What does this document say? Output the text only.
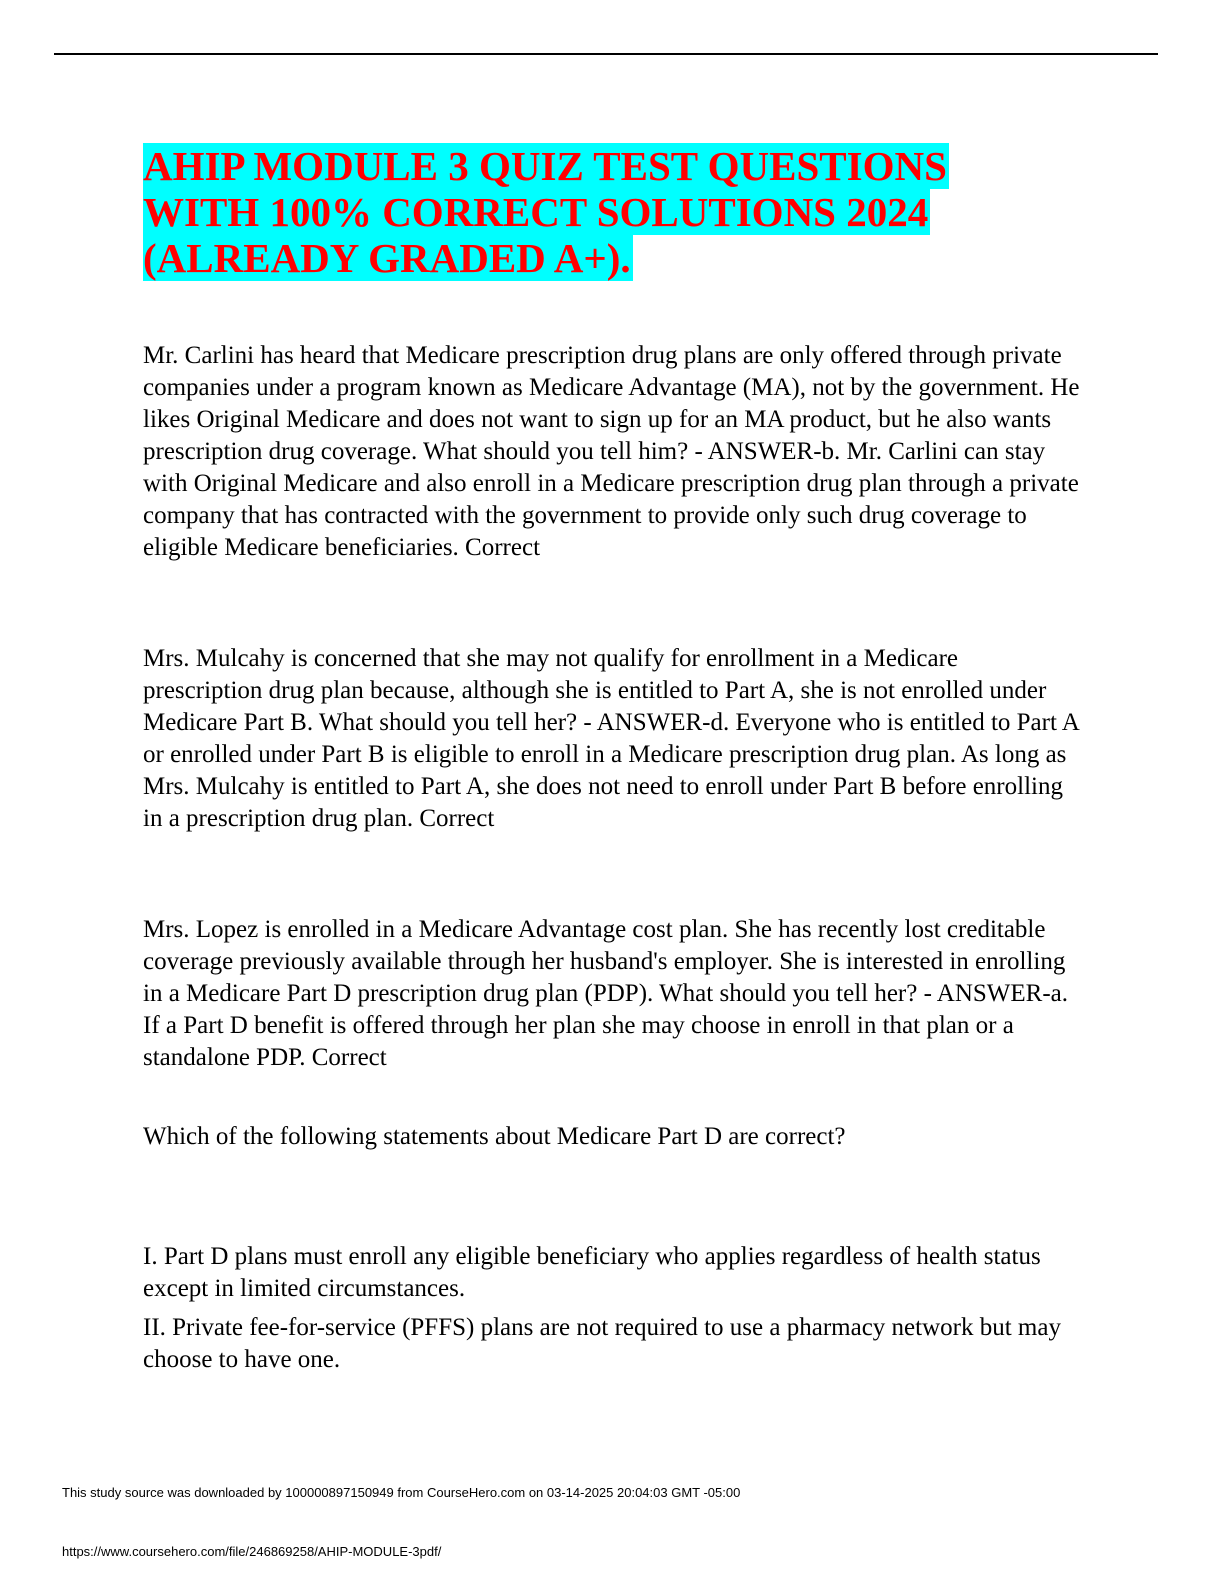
AHIP MODULE 3 QUIZ TEST QUESTIONS WITH 100% CORRECT SOLUTIONS 2024 (ALREADY GRADED A+).

Mr. Carlini has heard that Medicare prescription drug plans are only offered through private companies under a program known as Medicare Advantage (MA), not by the government. He likes Original Medicare and does not want to sign up for an MA product, but he also wants prescription drug coverage. What should you tell him? - ANSWER-b. Mr. Carlini can stay with Original Medicare and also enroll in a Medicare prescription drug plan through a private company that has contracted with the government to provide only such drug coverage to eligible Medicare beneficiaries. Correct

Mrs. Mulcahy is concerned that she may not qualify for enrollment in a Medicare prescription drug plan because, although she is entitled to Part A, she is not enrolled under Medicare Part B. What should you tell her? - ANSWER-d. Everyone who is entitled to Part A or enrolled under Part B is eligible to enroll in a Medicare prescription drug plan. As long as Mrs. Mulcahy is entitled to Part A, she does not need to enroll under Part B before enrolling in a prescription drug plan. Correct

Mrs. Lopez is enrolled in a Medicare Advantage cost plan. She has recently lost creditable coverage previously available through her husband's employer. She is interested in enrolling in a Medicare Part D prescription drug plan (PDP). What should you tell her? - ANSWER-a. If a Part D benefit is offered through her plan she may choose in enroll in that plan or a standalone PDP. Correct

Which of the following statements about Medicare Part D are correct?

I. Part D plans must enroll any eligible beneficiary who applies regardless of health status except in limited circumstances.

II. Private fee-for-service (PFFS) plans are not required to use a pharmacy network but may choose to have one.

This study source was downloaded by 100000897150949 from CourseHero.com on 03-14-2025 20:04:03 GMT -05:00
https://www.coursehero.com/file/246869258/AHIP-MODULE-3pdf/
